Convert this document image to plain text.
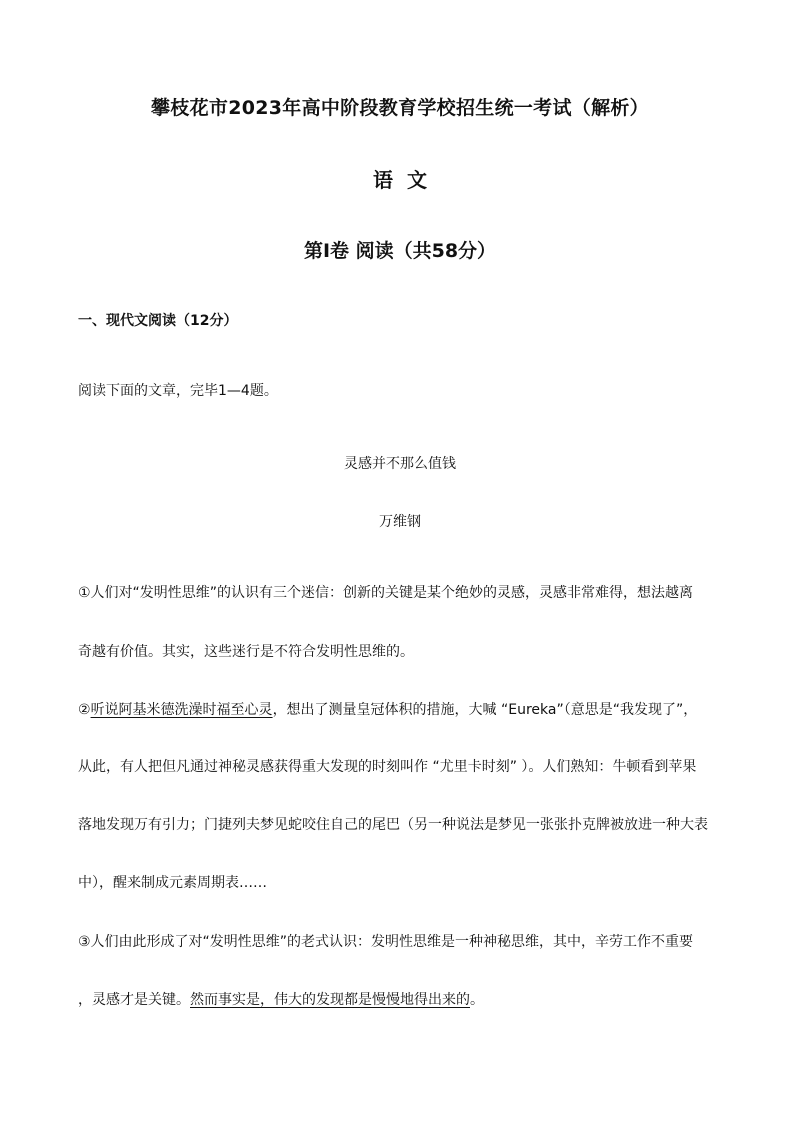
攀枝花市2023年高中阶段教育学校招生统一考试（解析）
语文
第Ⅰ卷 阅读（共58分）
一、现代文阅读（12分）
阅读下面的文章，完毕1—4题。
灵感并不那么值钱
万维钢
①人们对“发明性思维”的认识有三个迷信：创新的关键是某个绝妙的灵感，灵感非常难得，想法越离
奇越有价值。其实，这些迷行是不符合发明性思维的。
②听说阿基米德洗澡时福至心灵，想出了测量皇冠体积的措施，大喊 “Eureka”（意思是“我发现了”，
从此，有人把但凡通过神秘灵感获得重大发现的时刻叫作 “尤里卡时刻” ）。人们熟知：牛顿看到苹果
落地发现万有引力；门捷列夫梦见蛇咬住自己的尾巴（另一种说法是梦见一张张扑克牌被放进一种大表
中），醒来制成元素周期表……
③人们由此形成了对“发明性思维”的老式认识：发明性思维是一种神秘思维，其中，辛劳工作不重要
，灵感才是关键。然而事实是，伟大的发现都是慢慢地得出来的。
